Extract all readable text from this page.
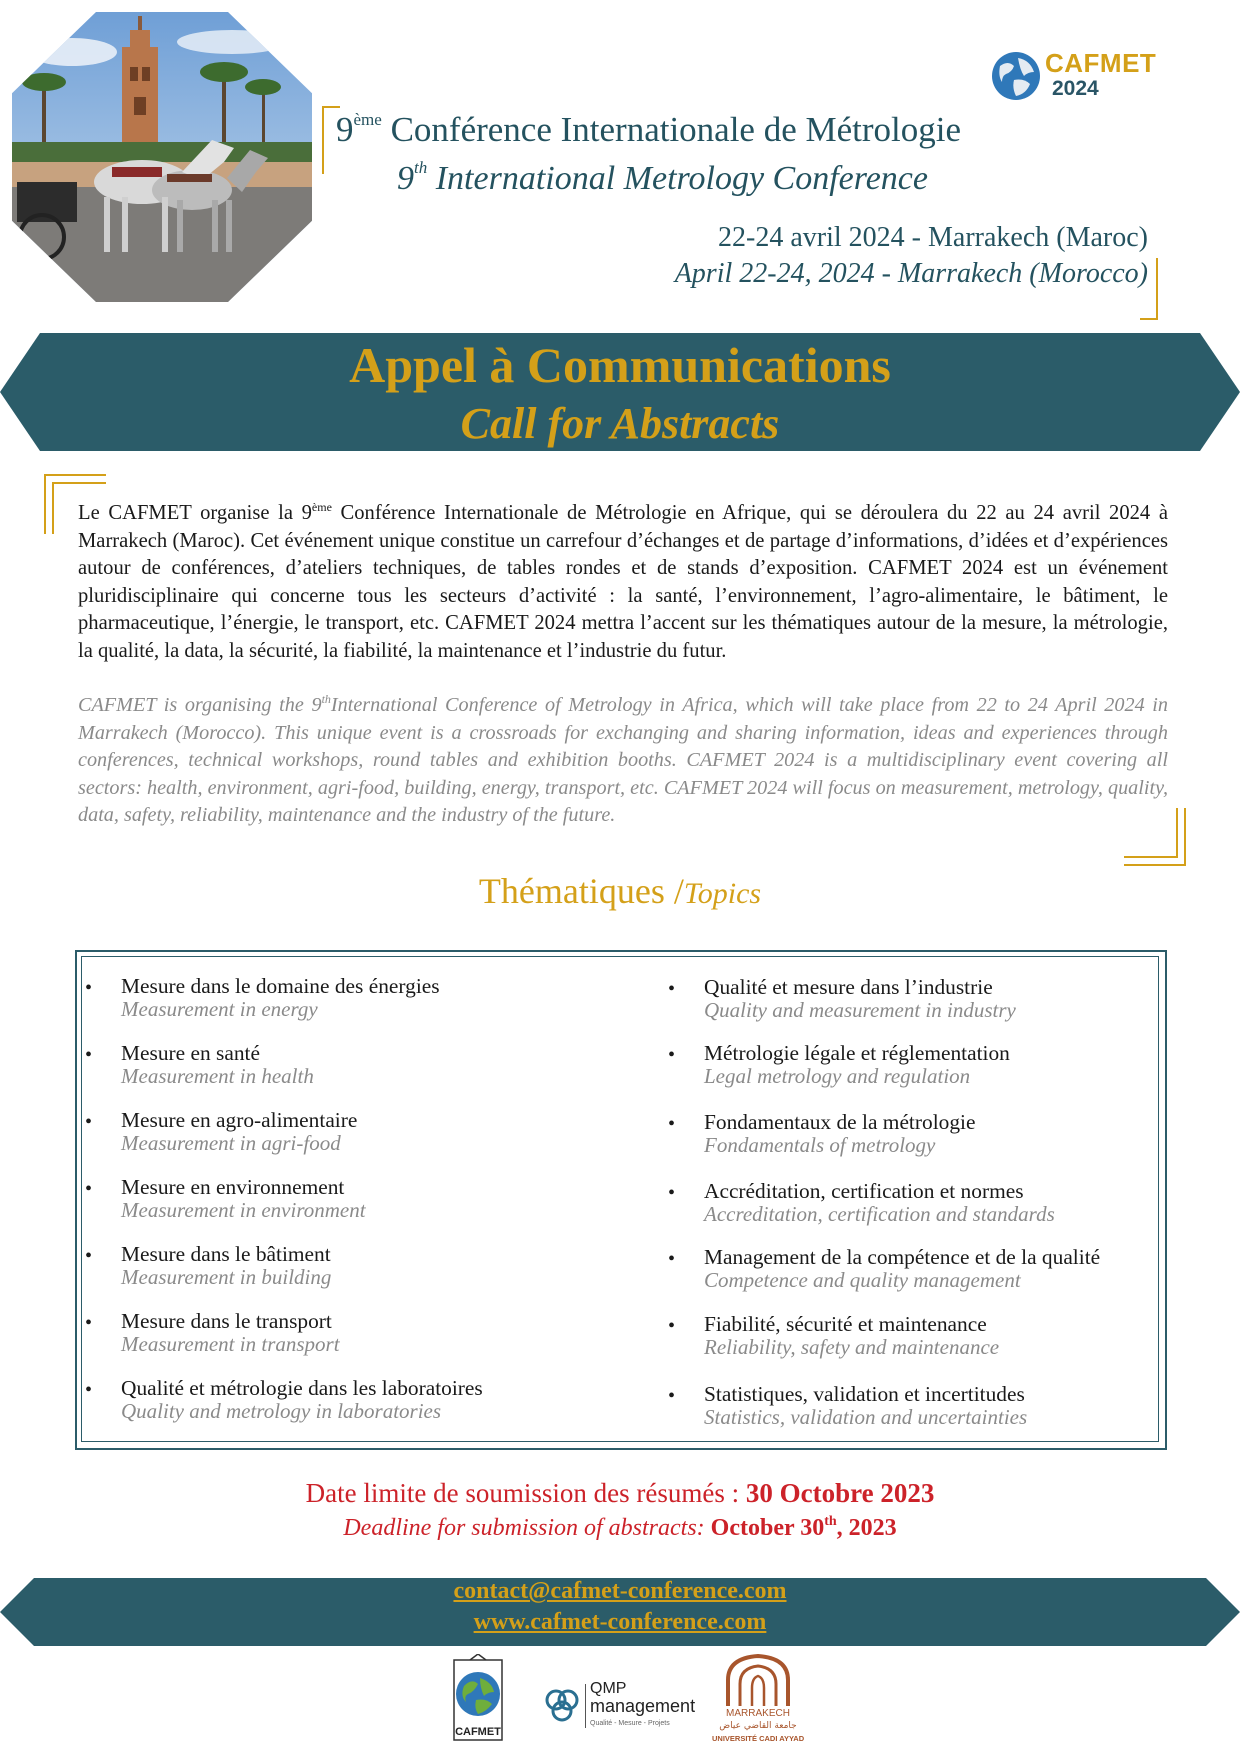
CAFMET
2024
9ème Conférence Internationale de Métrologie
9th International Metrology Conference
22-24 avril 2024 - Marrakech (Maroc)
April 22-24, 2024 - Marrakech (Morocco)
Appel à Communications
Call for Abstracts
Le CAFMET organise la 9ème Conférence Internationale de Métrologie en Afrique, qui se déroulera du 22 au 24 avril 2024 à Marrakech (Maroc). Cet événement unique constitue un carrefour d’échanges et de partage d’informations, d’idées et d’expériences autour de conférences, d’ateliers techniques, de tables rondes et de stands d’exposition. CAFMET 2024 est un événement pluridisciplinaire qui concerne tous les secteurs d’activité : la santé, l’environnement, l’agro-alimentaire, le bâtiment, le pharmaceutique, l’énergie, le transport, etc. CAFMET 2024 mettra l’accent sur les thématiques autour de la mesure, la métrologie, la qualité, la data, la sécurité, la fiabilité, la maintenance et l’industrie du futur.
CAFMET is organising the 9thInternational Conference of Metrology in Africa, which will take place from 22 to 24 April 2024 in Marrakech (Morocco). This unique event is a crossroads for exchanging and sharing information, ideas and experiences through conferences, technical workshops, round tables and exhibition booths. CAFMET 2024 is a multidisciplinary event covering all sectors: health, environment, agri-food, building, energy, transport, etc. CAFMET 2024 will focus on measurement, metrology, quality, data, safety, reliability, maintenance and the industry of the future.
Thématiques /Topics
• Mesure dans le domaine des énergies
Measurement in energy
• Mesure en santé
Measurement in health
• Mesure en agro-alimentaire
Measurement in agri-food
• Mesure en environnement
Measurement in environment
• Mesure dans le bâtiment
Measurement in building
• Mesure dans le transport
Measurement in transport
• Qualité et métrologie dans les laboratoires
Quality and metrology in laboratories
• Qualité et mesure dans l’industrie
Quality and measurement in industry
• Métrologie légale et réglementation
Legal metrology and regulation
• Fondamentaux de la métrologie
Fondamentals of metrology
• Accréditation, certification et normes
Accreditation, certification and standards
• Management de la compétence et de la qualité
Competence and quality management
• Fiabilité, sécurité et maintenance
Reliability, safety and maintenance
• Statistiques, validation et incertitudes
Statistics, validation and uncertainties
Date limite de soumission des résumés : 30 Octobre 2023
Deadline for submission of abstracts: October 30th, 2023
contact@cafmet-conference.com
www.cafmet-conference.com
CAFMET
QMP
management
Qualité - Mesure - Projets
MARRAKECH
جامعة القاضي عياض
UNIVERSITÉ CADI AYYAD
